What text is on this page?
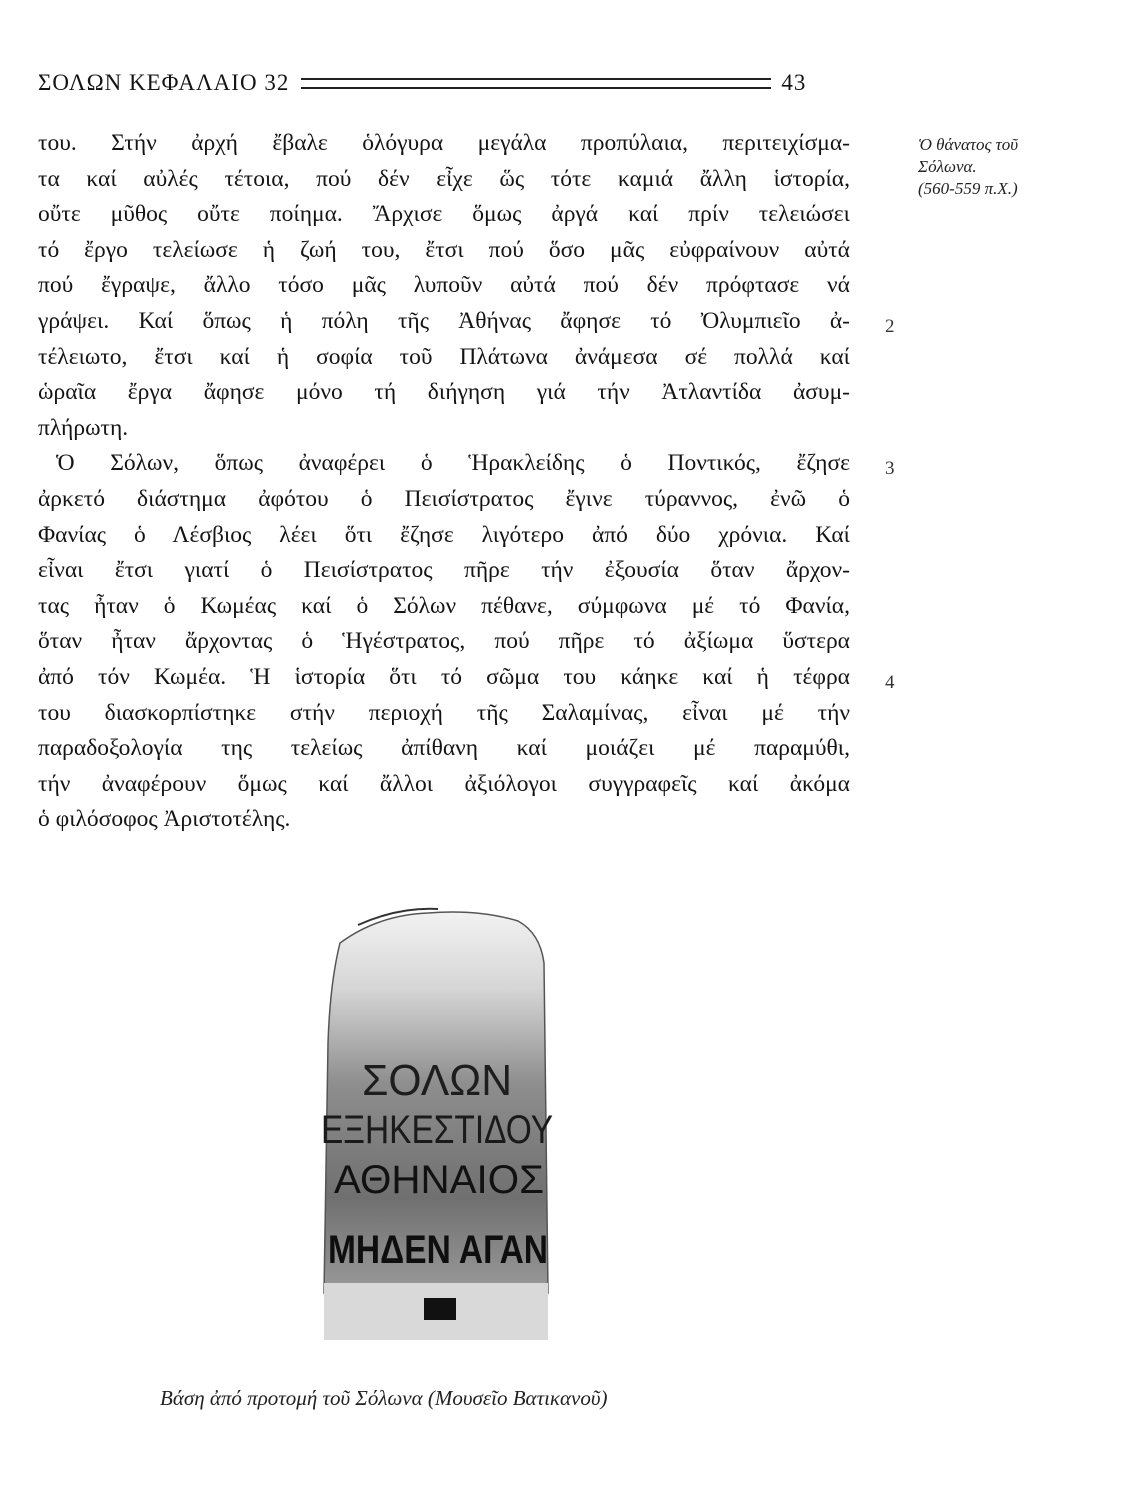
ΣΟΛΩΝ ΚΕΦΑΛΑΙΟ 32	43
του. Στήν ἀρχή ἔβαλε ὁλόγυρα μεγάλα προπύλαια, περιτειχίσμα-
τα καί αὐλές τέτοια, πού δέν εἶχε ὥς τότε καμιά ἄλλη ἱστορία,
οὔτε μῦθος οὔτε ποίημα. Ἄρχισε ὅμως ἀργά καί πρίν τελειώσει
τό ἔργο τελείωσε ἡ ζωή του, ἔτσι πού ὅσο μᾶς εὐφραίνουν αὐτά
πού ἔγραψε, ἄλλο τόσο μᾶς λυποῦν αὐτά πού δέν πρόφτασε νά
γράψει. Καί ὅπως ἡ πόλη τῆς Ἀθήνας ἄφησε τό Ὀλυμπιεῖο ἀ-
τέλειωτο, ἔτσι καί ἡ σοφία τοῦ Πλάτωνα ἀνάμεσα σέ πολλά καί
ὡραῖα ἔργα ἄφησε μόνο τή διήγηση γιά τήν Ἀτλαντίδα ἀσυμ-
πλήρωτη.
Ὁ Σόλων, ὅπως ἀναφέρει ὁ Ἡρακλείδης ὁ Ποντικός, ἔζησε
ἀρκετό διάστημα ἀφότου ὁ Πεισίστρατος ἔγινε τύραννος, ἐνῶ ὁ
Φανίας ὁ Λέσβιος λέει ὅτι ἔζησε λιγότερο ἀπό δύο χρόνια. Καί
εἶναι ἔτσι γιατί ὁ Πεισίστρατος πῆρε τήν ἐξουσία ὅταν ἄρχον-
τας ἦταν ὁ Κωμέας καί ὁ Σόλων πέθανε, σύμφωνα μέ τό Φανία,
ὅταν ἦταν ἄρχοντας ὁ Ἡγέστρατος, πού πῆρε τό ἀξίωμα ὕστερα
ἀπό τόν Κωμέα. Ἡ ἱστορία ὅτι τό σῶμα του κάηκε καί ἡ τέφρα
του διασκορπίστηκε στήν περιοχή τῆς Σαλαμίνας, εἶναι μέ τήν
παραδοξολογία της τελείως ἀπίθανη καί μοιάζει μέ παραμύθι,
τήν ἀναφέρουν ὅμως καί ἄλλοι ἀξιόλογοι συγγραφεῖς καί ἀκόμα
ὁ φιλόσοφος Ἀριστοτέλης.
Ὁ θάνατος τοῦ
Σόλωνα.
(560-559 π.Χ.)
2
3
4
ΣΟΛΩΝ
ΕΞΗΚΕΣΤΙΔΟΥ
ΑΘΗΝΑΙΟΣ
ΜΗΔΕΝ ΑΓΑΝ
Βάση ἀπό προτομή τοῦ Σόλωνα (Μουσεῖο Βατικανοῦ)
